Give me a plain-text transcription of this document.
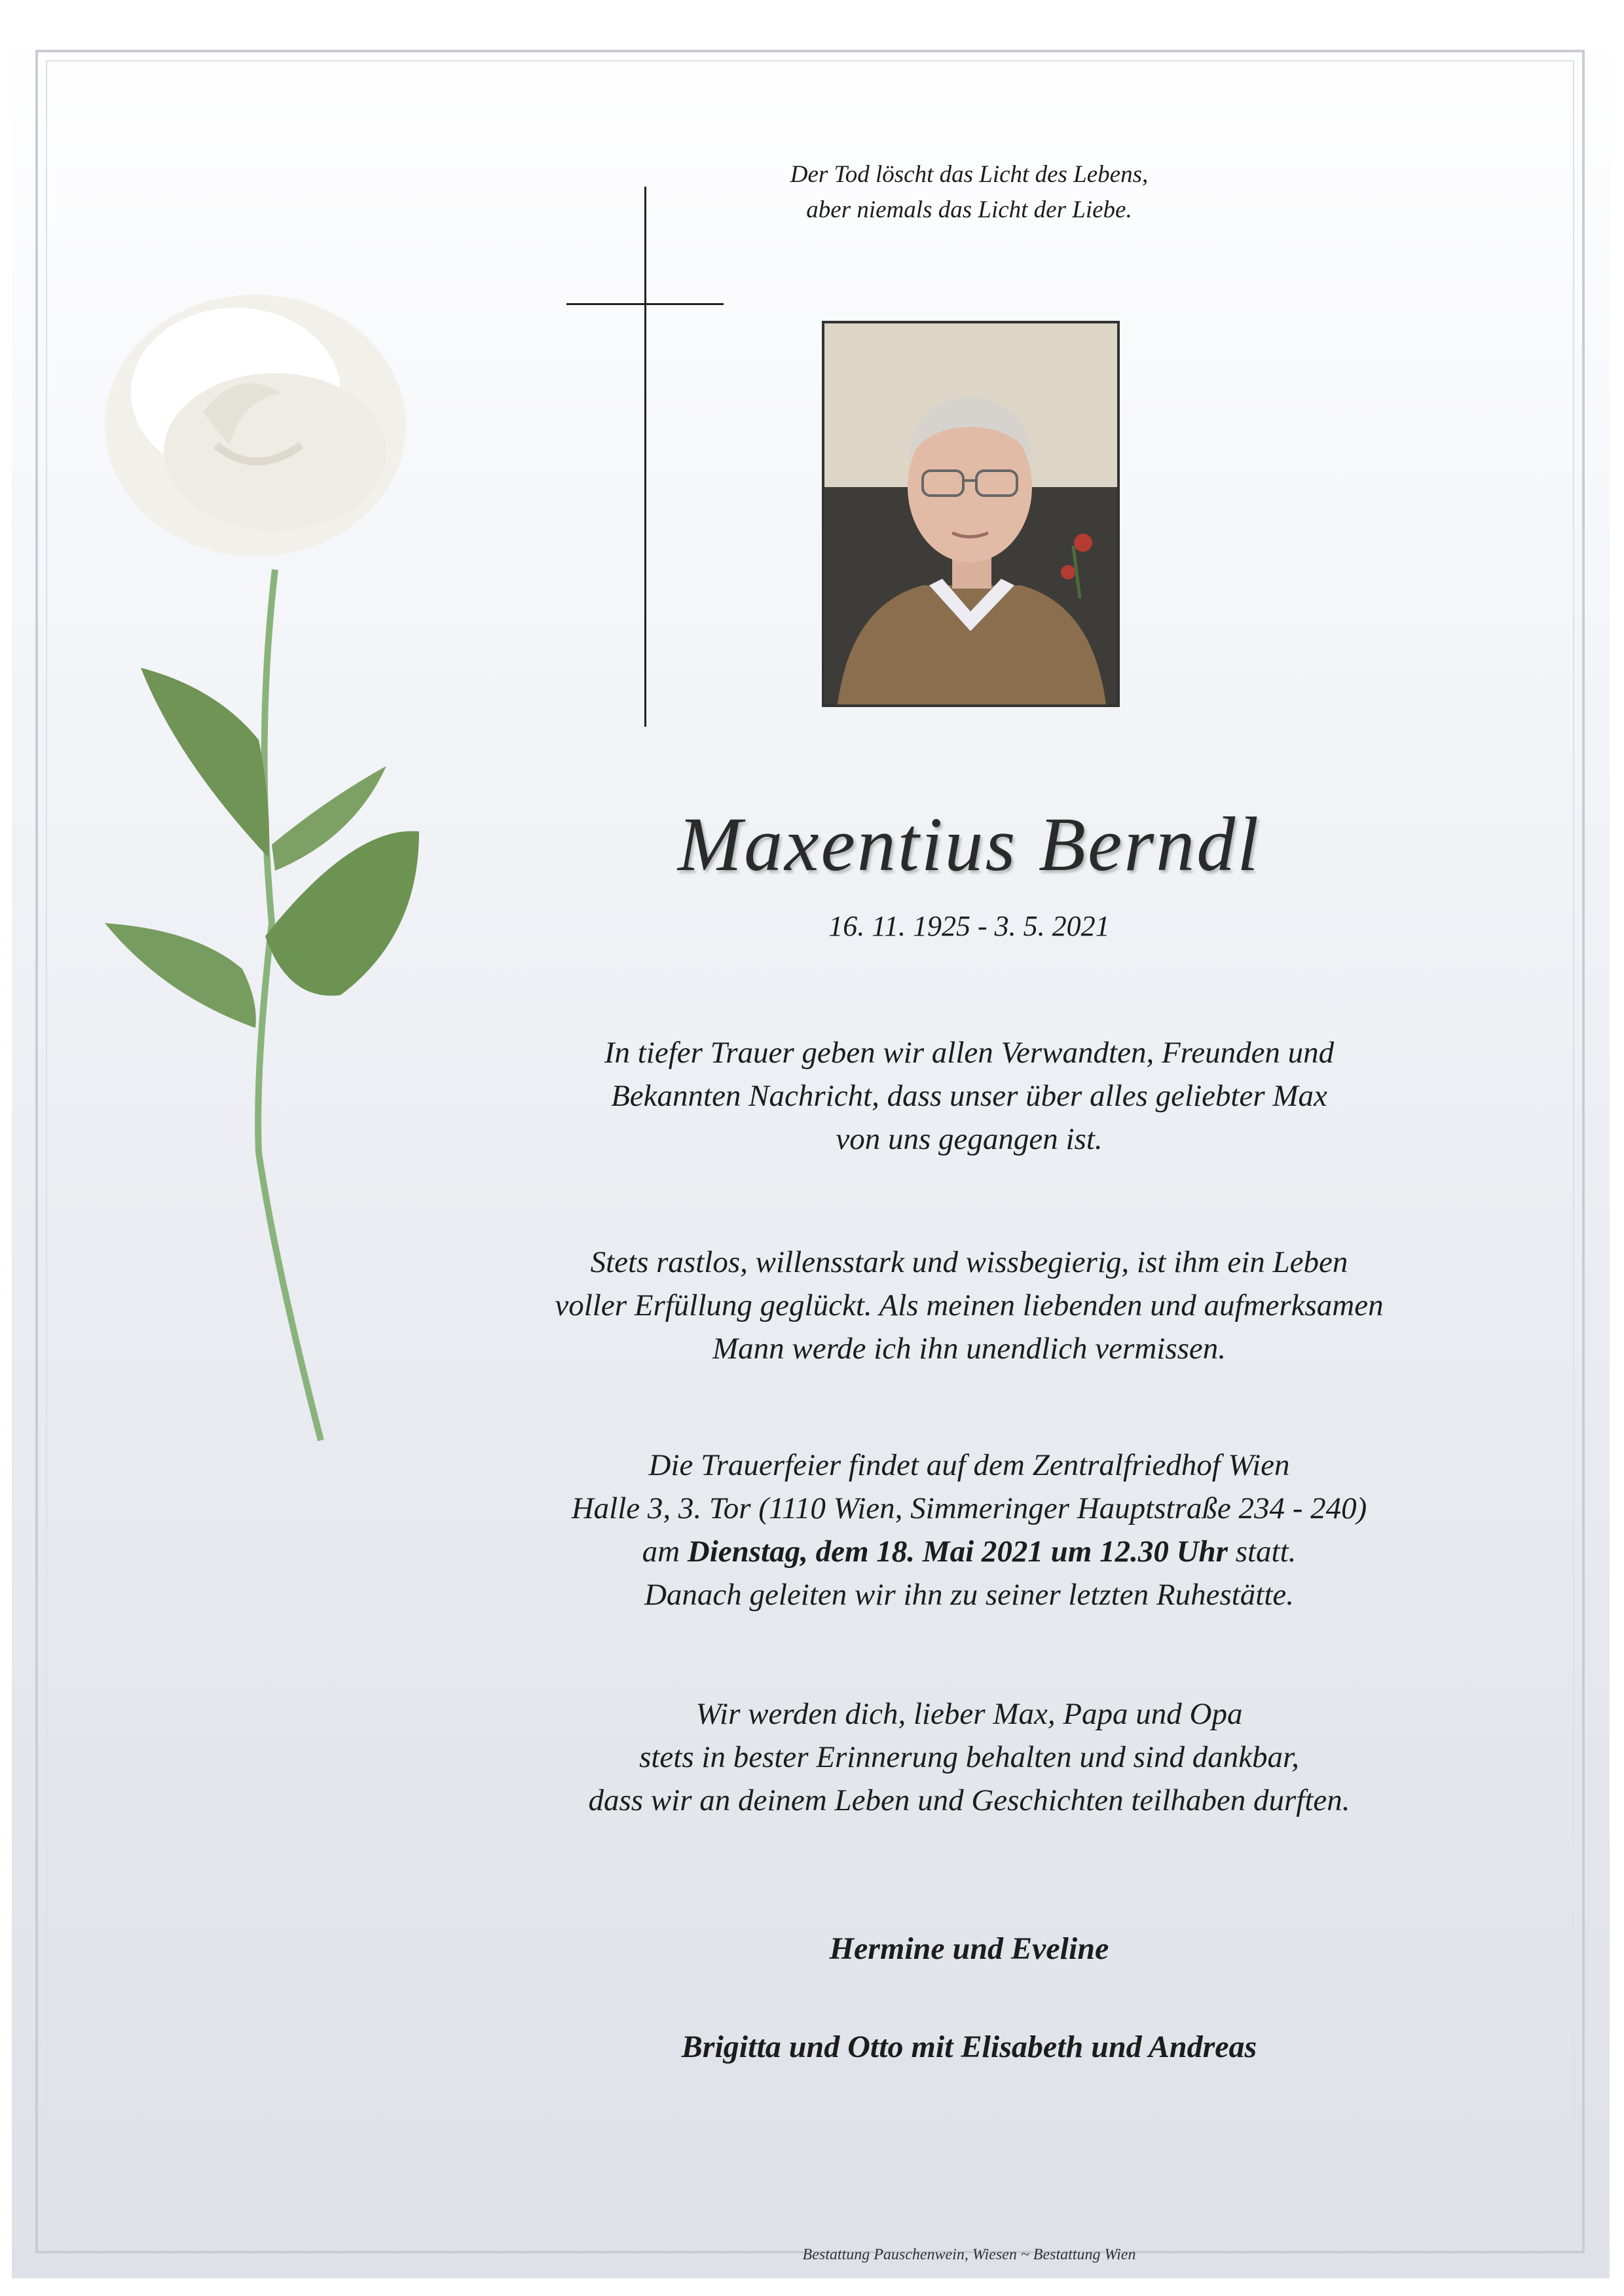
Der Tod löscht das Licht des Lebens,
aber niemals das Licht der Liebe.
Maxentius Berndl
16. 11. 1925 - 3. 5. 2021
In tiefer Trauer geben wir allen Verwandten, Freunden und
Bekannten Nachricht, dass unser über alles geliebter Max
von uns gegangen ist.
Stets rastlos, willensstark und wissbegierig, ist ihm ein Leben
voller Erfüllung geglückt. Als meinen liebenden und aufmerksamen
Mann werde ich ihn unendlich vermissen.
Die Trauerfeier findet auf dem Zentralfriedhof Wien
Halle 3, 3. Tor (1110 Wien, Simmeringer Hauptstraße 234 - 240)
am Dienstag, dem 18. Mai 2021 um 12.30 Uhr statt.
Danach geleiten wir ihn zu seiner letzten Ruhestätte.
Wir werden dich, lieber Max, Papa und Opa
stets in bester Erinnerung behalten und sind dankbar,
dass wir an deinem Leben und Geschichten teilhaben durften.
Hermine und Eveline
Brigitta und Otto mit Elisabeth und Andreas
Bestattung Pauschenwein, Wiesen ~ Bestattung Wien
